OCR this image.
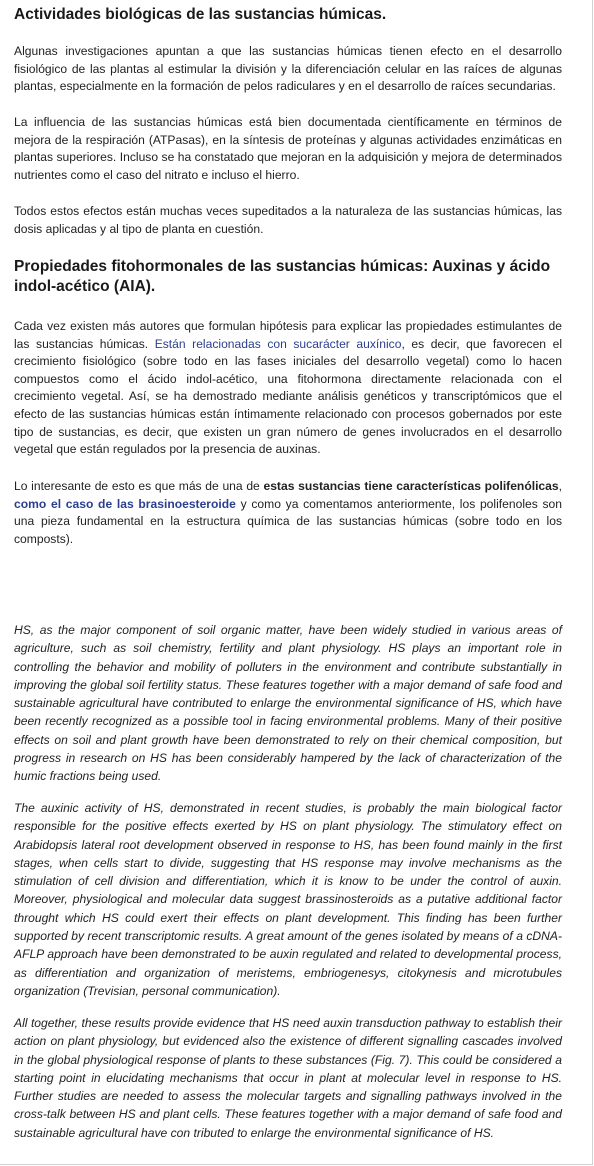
Actividades biológicas de las sustancias húmicas.

Algunas investigaciones apuntan a que las sustancias húmicas tienen efecto en el desarrollo fisiológico de las plantas al estimular la división y la diferenciación celular en las raíces de algunas plantas, especialmente en la formación de pelos radiculares y en el desarrollo de raíces secundarias.

La influencia de las sustancias húmicas está bien documentada científicamente en términos de mejora de la respiración (ATPasas), en la síntesis de proteínas y algunas actividades enzimáticas en plantas superiores. Incluso se ha constatado que mejoran en la adquisición y mejora de determinados nutrientes como el caso del nitrato e incluso el hierro.

Todos estos efectos están muchas veces supeditados a la naturaleza de las sustancias húmicas, las dosis aplicadas y al tipo de planta en cuestión.

Propiedades fitohormonales de las sustancias húmicas: Auxinas y ácido indol-acético (AIA).

Cada vez existen más autores que formulan hipótesis para explicar las propiedades estimulantes de las sustancias húmicas. Están relacionadas con sucarácter auxínico, es decir, que favorecen el crecimiento fisiológico (sobre todo en las fases iniciales del desarrollo vegetal) como lo hacen compuestos como el ácido indol-acético, una fitohormona directamente relacionada con el crecimiento vegetal. Así, se ha demostrado mediante análisis genéticos y transcriptómicos que el efecto de las sustancias húmicas están íntimamente relacionado con procesos gobernados por este tipo de sustancias, es decir, que existen un gran número de genes involucrados en el desarrollo vegetal que están regulados por la presencia de auxinas.

Lo interesante de esto es que más de una de estas sustancias tiene características polifenólicas, como el caso de las brasinoesteroide y como ya comentamos anteriormente, los polifenoles son una pieza fundamental en la estructura química de las sustancias húmicas (sobre todo en los composts).

HS, as the major component of soil organic matter, have been widely studied in various areas of agriculture, such as soil chemistry, fertility and plant physiology. HS plays an important role in controlling the behavior and mobility of polluters in the environment and contribute substantially in improving the global soil fertility status. These features together with a major demand of safe food and sustainable agricultural have contributed to enlarge the environmental significance of HS, which have been recently recognized as a possible tool in facing environmental problems. Many of their positive effects on soil and plant growth have been demonstrated to rely on their chemical composition, but progress in research on HS has been considerably hampered by the lack of characterization of the humic fractions being used.

The auxinic activity of HS, demonstrated in recent studies, is probably the main biological factor responsible for the positive effects exerted by HS on plant physiology. The stimulatory effect on Arabidopsis lateral root development observed in response to HS, has been found mainly in the first stages, when cells start to divide, suggesting that HS response may involve mechanisms as the stimulation of cell division and differentiation, which it is know to be under the control of auxin. Moreover, physiological and molecular data suggest brassinosteroids as a putative additional factor throught which HS could exert their effects on plant development. This finding has been further supported by recent transcriptomic results. A great amount of the genes isolated by means of a cDNA-AFLP approach have been demonstrated to be auxin regulated and related to developmental process, as differentiation and organization of meristems, embriogenesys, citokynesis and microtubules organization (Trevisian, personal communication).

All together, these results provide evidence that HS need auxin transduction pathway to establish their action on plant physiology, but evidenced also the existence of different signalling cascades involved in the global physiological response of plants to these substances (Fig. 7). This could be considered a starting point in elucidating mechanisms that occur in plant at molecular level in response to HS. Further studies are needed to assess the molecular targets and signalling pathways involved in the cross-talk between HS and plant cells. These features together with a major demand of safe food and sustainable agricultural have con tributed to enlarge the environmental significance of HS.
